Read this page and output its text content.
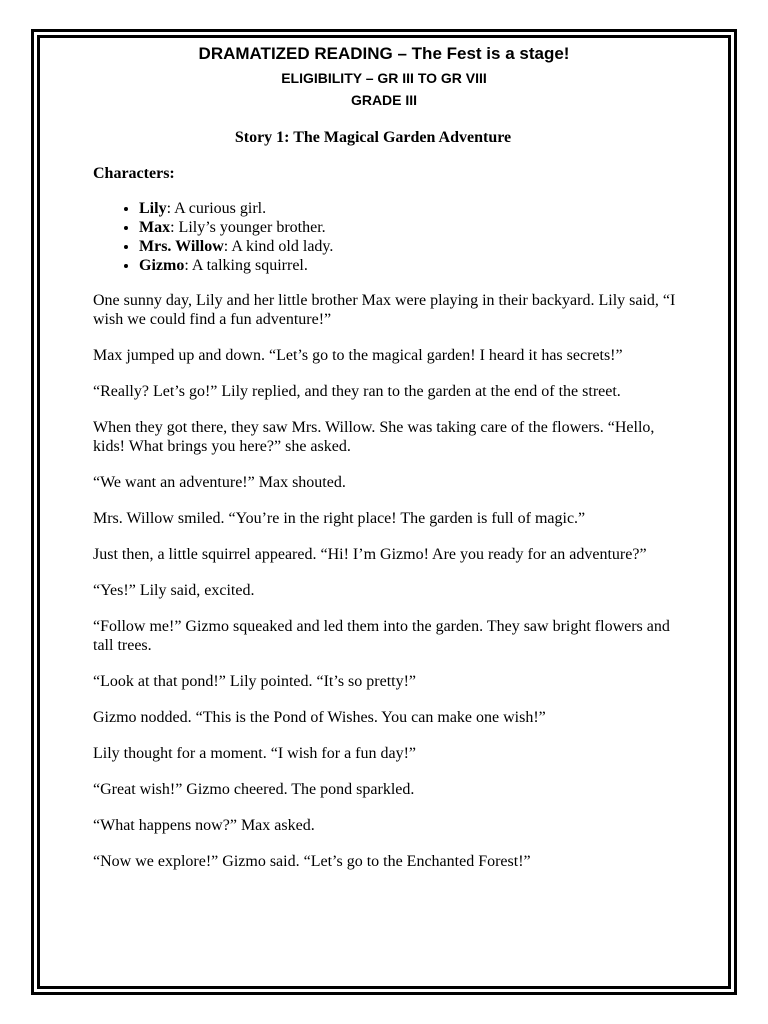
DRAMATIZED READING – The Fest is a stage!
ELIGIBILITY – GR III TO GR VIII
GRADE III
Story 1: The Magical Garden Adventure
Characters:
• Lily: A curious girl.
• Max: Lily’s younger brother.
• Mrs. Willow: A kind old lady.
• Gizmo: A talking squirrel.

One sunny day, Lily and her little brother Max were playing in their backyard. Lily said, “I wish we could find a fun adventure!”

Max jumped up and down. “Let’s go to the magical garden! I heard it has secrets!”

“Really? Let’s go!” Lily replied, and they ran to the garden at the end of the street.

When they got there, they saw Mrs. Willow. She was taking care of the flowers. “Hello, kids! What brings you here?” she asked.

“We want an adventure!” Max shouted.

Mrs. Willow smiled. “You’re in the right place! The garden is full of magic.”

Just then, a little squirrel appeared. “Hi! I’m Gizmo! Are you ready for an adventure?”

“Yes!” Lily said, excited.

“Follow me!” Gizmo squeaked and led them into the garden. They saw bright flowers and tall trees.

“Look at that pond!” Lily pointed. “It’s so pretty!”

Gizmo nodded. “This is the Pond of Wishes. You can make one wish!”

Lily thought for a moment. “I wish for a fun day!”

“Great wish!” Gizmo cheered. The pond sparkled.

“What happens now?” Max asked.

“Now we explore!” Gizmo said. “Let’s go to the Enchanted Forest!”
